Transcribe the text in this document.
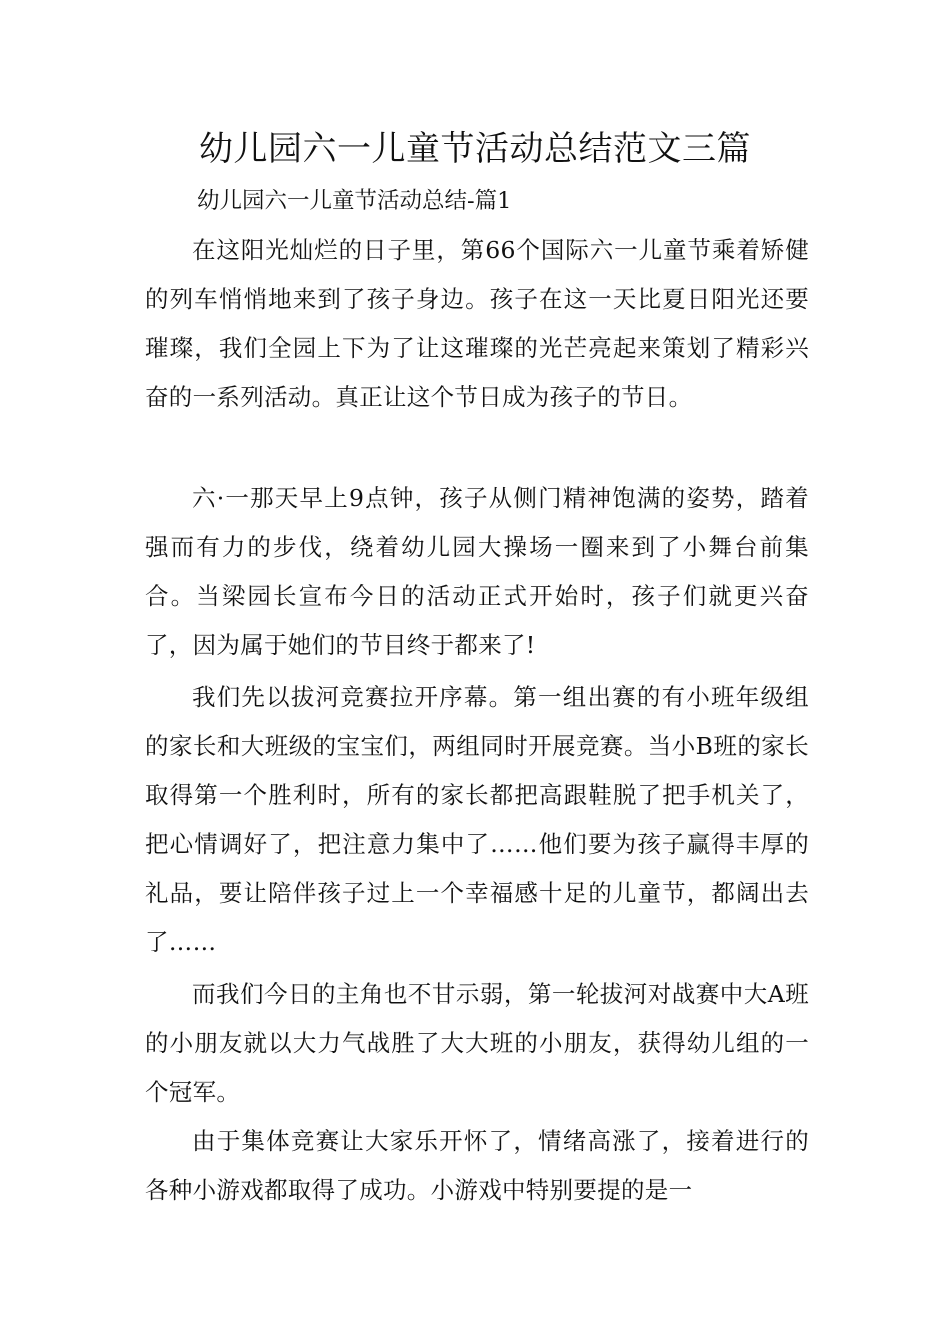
幼儿园六一儿童节活动总结范文三篇

幼儿园六一儿童节活动总结-篇1

在这阳光灿烂的日子里，第66个国际六一儿童节乘着矫健的列车悄悄地来到了孩子身边。孩子在这一天比夏日阳光还要璀璨，我们全园上下为了让这璀璨的光芒亮起来策划了精彩兴奋的一系列活动。真正让这个节日成为孩子的节日。

六·一那天早上9点钟，孩子从侧门精神饱满的姿势，踏着强而有力的步伐，绕着幼儿园大操场一圈来到了小舞台前集合。当梁园长宣布今日的活动正式开始时，孩子们就更兴奋了，因为属于她们的节目终于都来了!

我们先以拔河竞赛拉开序幕。第一组出赛的有小班年级组的家长和大班级的宝宝们，两组同时开展竞赛。当小B班的家长取得第一个胜利时，所有的家长都把高跟鞋脱了把手机关了，把心情调好了，把注意力集中了……他们要为孩子赢得丰厚的礼品，要让陪伴孩子过上一个幸福感十足的儿童节，都阔出去了……

而我们今日的主角也不甘示弱，第一轮拔河对战赛中大A班的小朋友就以大力气战胜了大大班的小朋友，获得幼儿组的一个冠军。

由于集体竞赛让大家乐开怀了，情绪高涨了，接着进行的各种小游戏都取得了成功。小游戏中特别要提的是一
